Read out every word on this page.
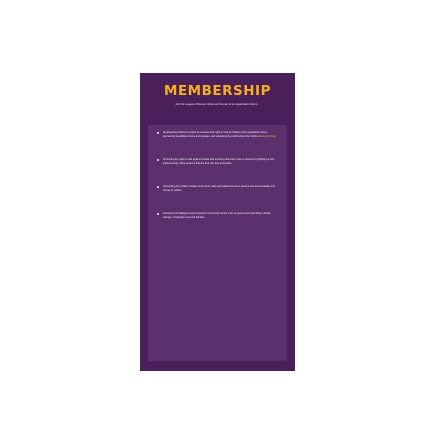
MEMBERSHIP
Join the League of Women Voters and be part of an organization that is…
Empowering millions of voters to exercise their right to vote by holding voter registration drives, sponsoring candidate forums and debates, and educating the public about their rights on Election Day.
Protecting the right to vote against threats and ensuring that every vote is counted by fighting for and implementing voting systems that are free, fair and accessible.
Advocating for positive change at the local, state and national level on government accountability and money in politics.
Fostering civil dialogue about important community issues such as government spending, climate change, immigration and civil liberties.
